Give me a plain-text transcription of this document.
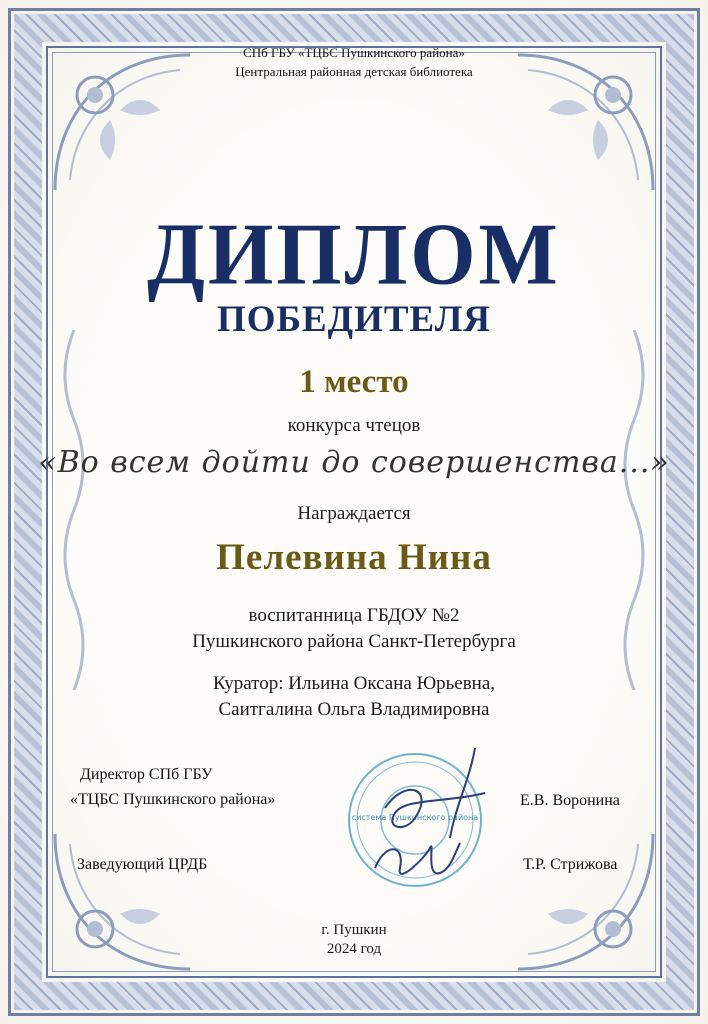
СПб ГБУ «ТЦБС Пушкинского района»
Центральная районная детская библиотека
ДИПЛОМ
ПОБЕДИТЕЛЯ
1 место
конкурса чтецов
«Во всем дойти до совершенства...»
Награждается
Пелевина Нина
воспитанница ГБДОУ №2
Пушкинского района Санкт-Петербурга
Куратор: Ильина Оксана Юрьевна,
Саитгалина Ольга Владимировна
Директор СПб ГБУ
«ТЦБС Пушкинского района»	Е.В. Воронина
Заведующий ЦРДБ	Т.Р. Стрижова
система Пушкинского района
г. Пушкин
2024 год
